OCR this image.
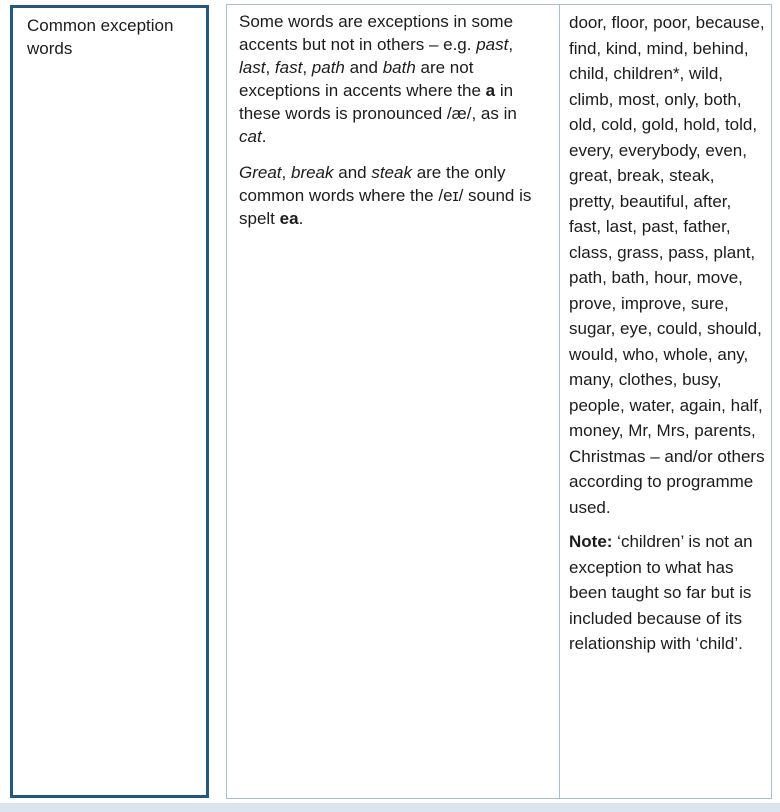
Common exception words

Some words are exceptions in some accents but not in others – e.g. past, last, fast, path and bath are not exceptions in accents where the a in these words is pronounced /æ/, as in cat.

Great, break and steak are the only common words where the /eɪ/ sound is spelt ea.

door, floor, poor, because, find, kind, mind, behind, child, children*, wild, climb, most, only, both, old, cold, gold, hold, told, every, everybody, even, great, break, steak, pretty, beautiful, after, fast, last, past, father, class, grass, pass, plant, path, bath, hour, move, prove, improve, sure, sugar, eye, could, should, would, who, whole, any, many, clothes, busy, people, water, again, half, money, Mr, Mrs, parents, Christmas – and/or others according to programme used.

Note: ‘children’ is not an exception to what has been taught so far but is included because of its relationship with ‘child’.
